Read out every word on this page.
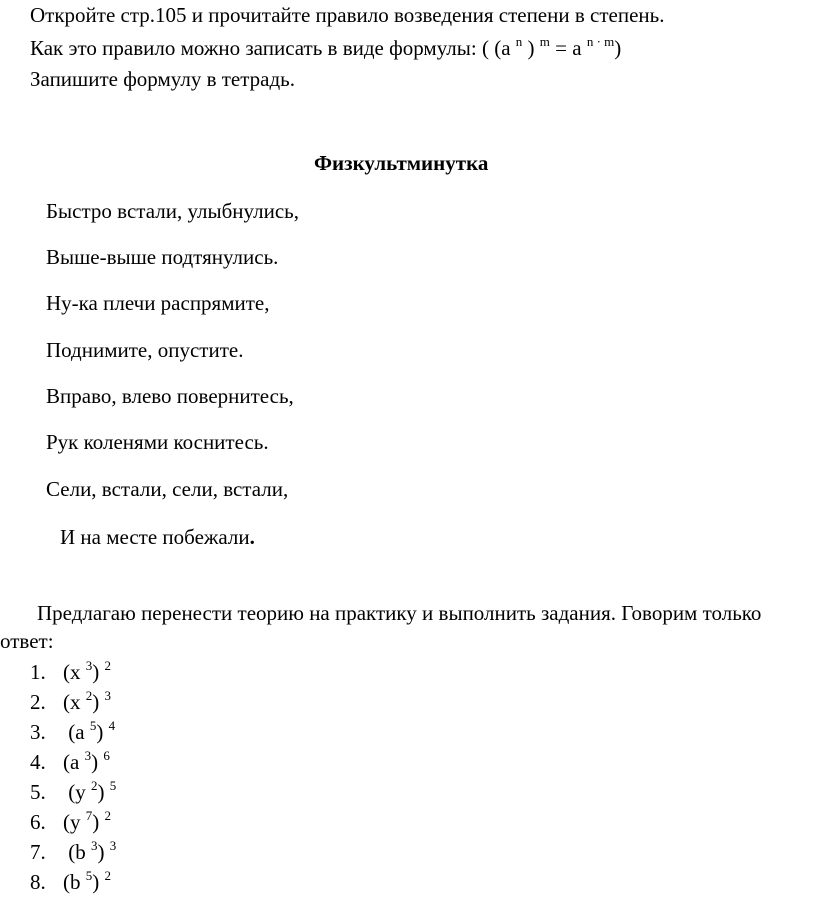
Откройте стр.105 и прочитайте правило возведения степени в степень.
Как это правило можно записать в виде формулы: ( (a $^n$ ) $^m$ = a $^{n \cdot m}$)
Запишите формулу в тетрадь.
Физкультминутка
Быстро встали, улыбнулись,
Выше-выше подтянулись.
Ну-ка плечи распрямите,
Поднимите, опустите.
Вправо, влево повернитесь,
Рук коленями коснитесь.
Сели, встали, сели, встали,
И на месте побежали.
Предлагаю перенести теорию на практику и выполнить задания. Говорим только
ответ:
1. (x $^3$) $^2$
2. (x $^2$) $^3$
3. (a $^5$) $^4$
4. (a $^3$) $^6$
5. (y $^2$) $^5$
6. (y $^7$) $^2$
7. (b $^3$) $^3$
8. (b $^5$) $^2$
